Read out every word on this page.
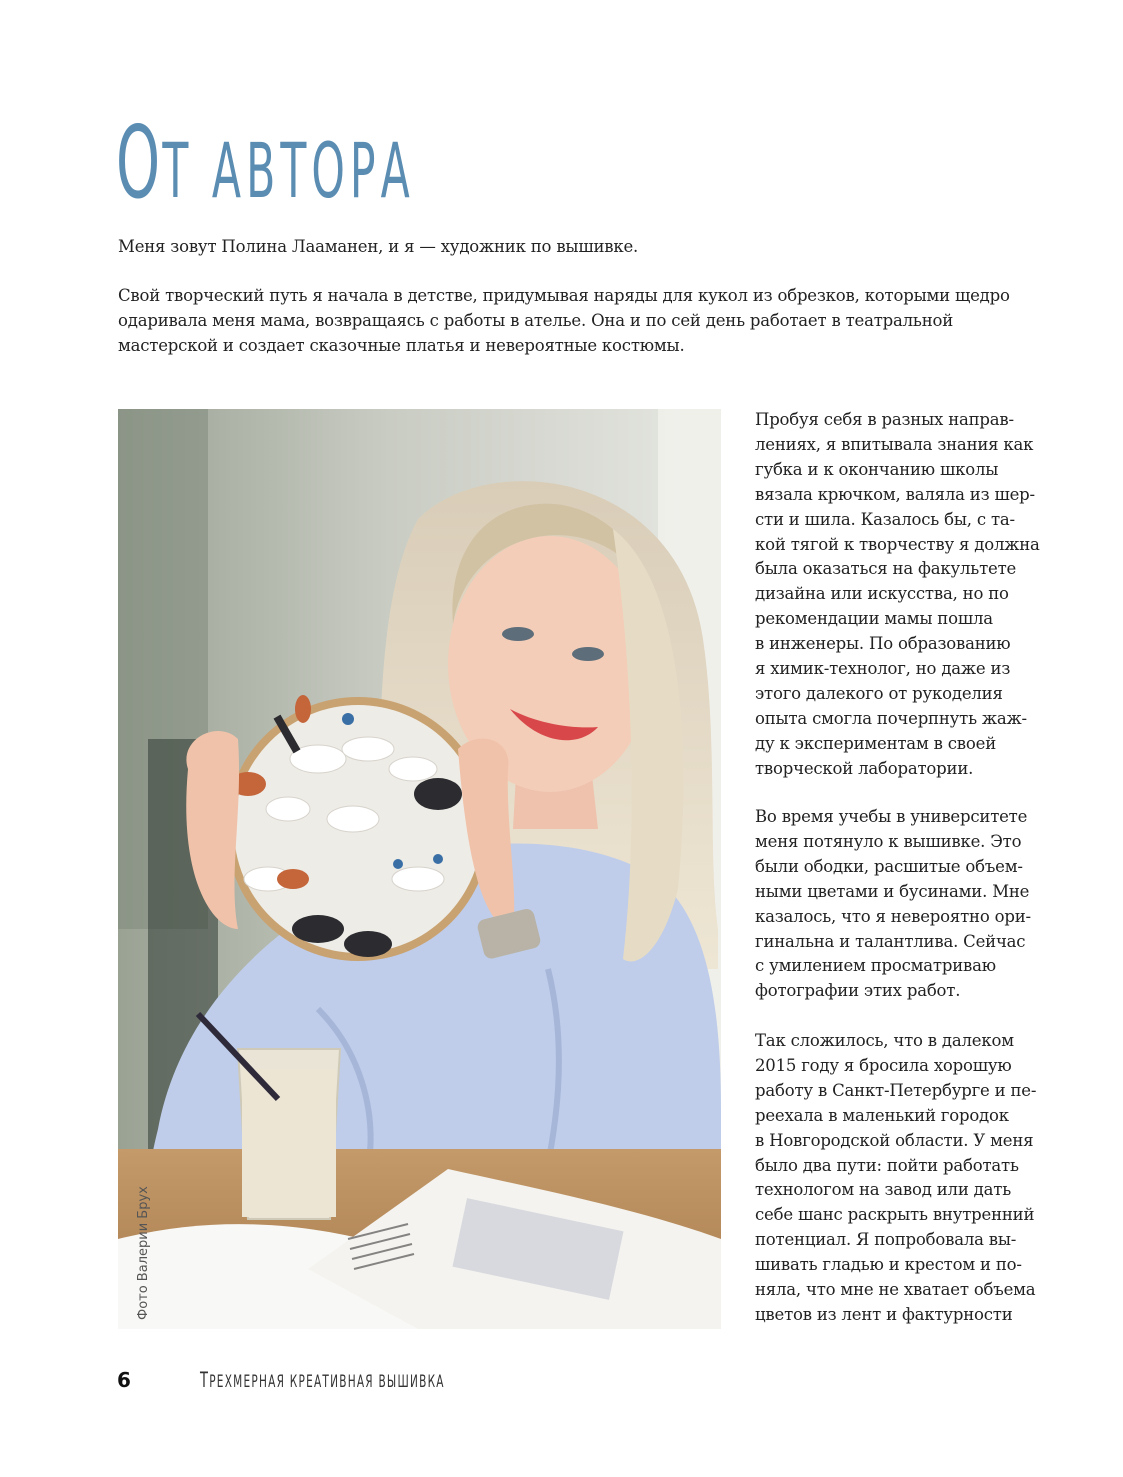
ОТ АВТОРА

Меня зовут Полина Лааманен, и я — художник по вышивке.

Свой творческий путь я начала в детстве, придумывая наряды для кукол из обрезков, которыми щедро
одаривала меня мама, возвращаясь с работы в ателье. Она и по сей день работает в театральной
мастерской и создает сказочные платья и невероятные костюмы.

Фото Валерии Брух

Пробуя себя в разных направ-
лениях, я впитывала знания как
губка и к окончанию школы
вязала крючком, валяла из шер-
сти и шила. Казалось бы, с та-
кой тягой к творчеству я должна
была оказаться на факультете
дизайна или искусства, но по
рекомендации мамы пошла
в инженеры. По образованию
я химик-технолог, но даже из
этого далекого от рукоделия
опыта смогла почерпнуть жаж-
ду к экспериментам в своей
творческой лаборатории.

Во время учебы в университете
меня потянуло к вышивке. Это
были ободки, расшитые объем-
ными цветами и бусинами. Мне
казалось, что я невероятно ори-
гинальна и талантлива. Сейчас
с умилением просматриваю
фотографии этих работ.

Так сложилось, что в далеком
2015 году я бросила хорошую
работу в Санкт-Петербурге и пе-
реехала в маленький городок
в Новгородской области. У меня
было два пути: пойти работать
технологом на завод или дать
себе шанс раскрыть внутренний
потенциал. Я попробовала вы-
шивать гладью и крестом и по-
няла, что мне не хватает объема
цветов из лент и фактурности

6	ТРЕХМЕРНАЯ КРЕАТИВНАЯ ВЫШИВКА
